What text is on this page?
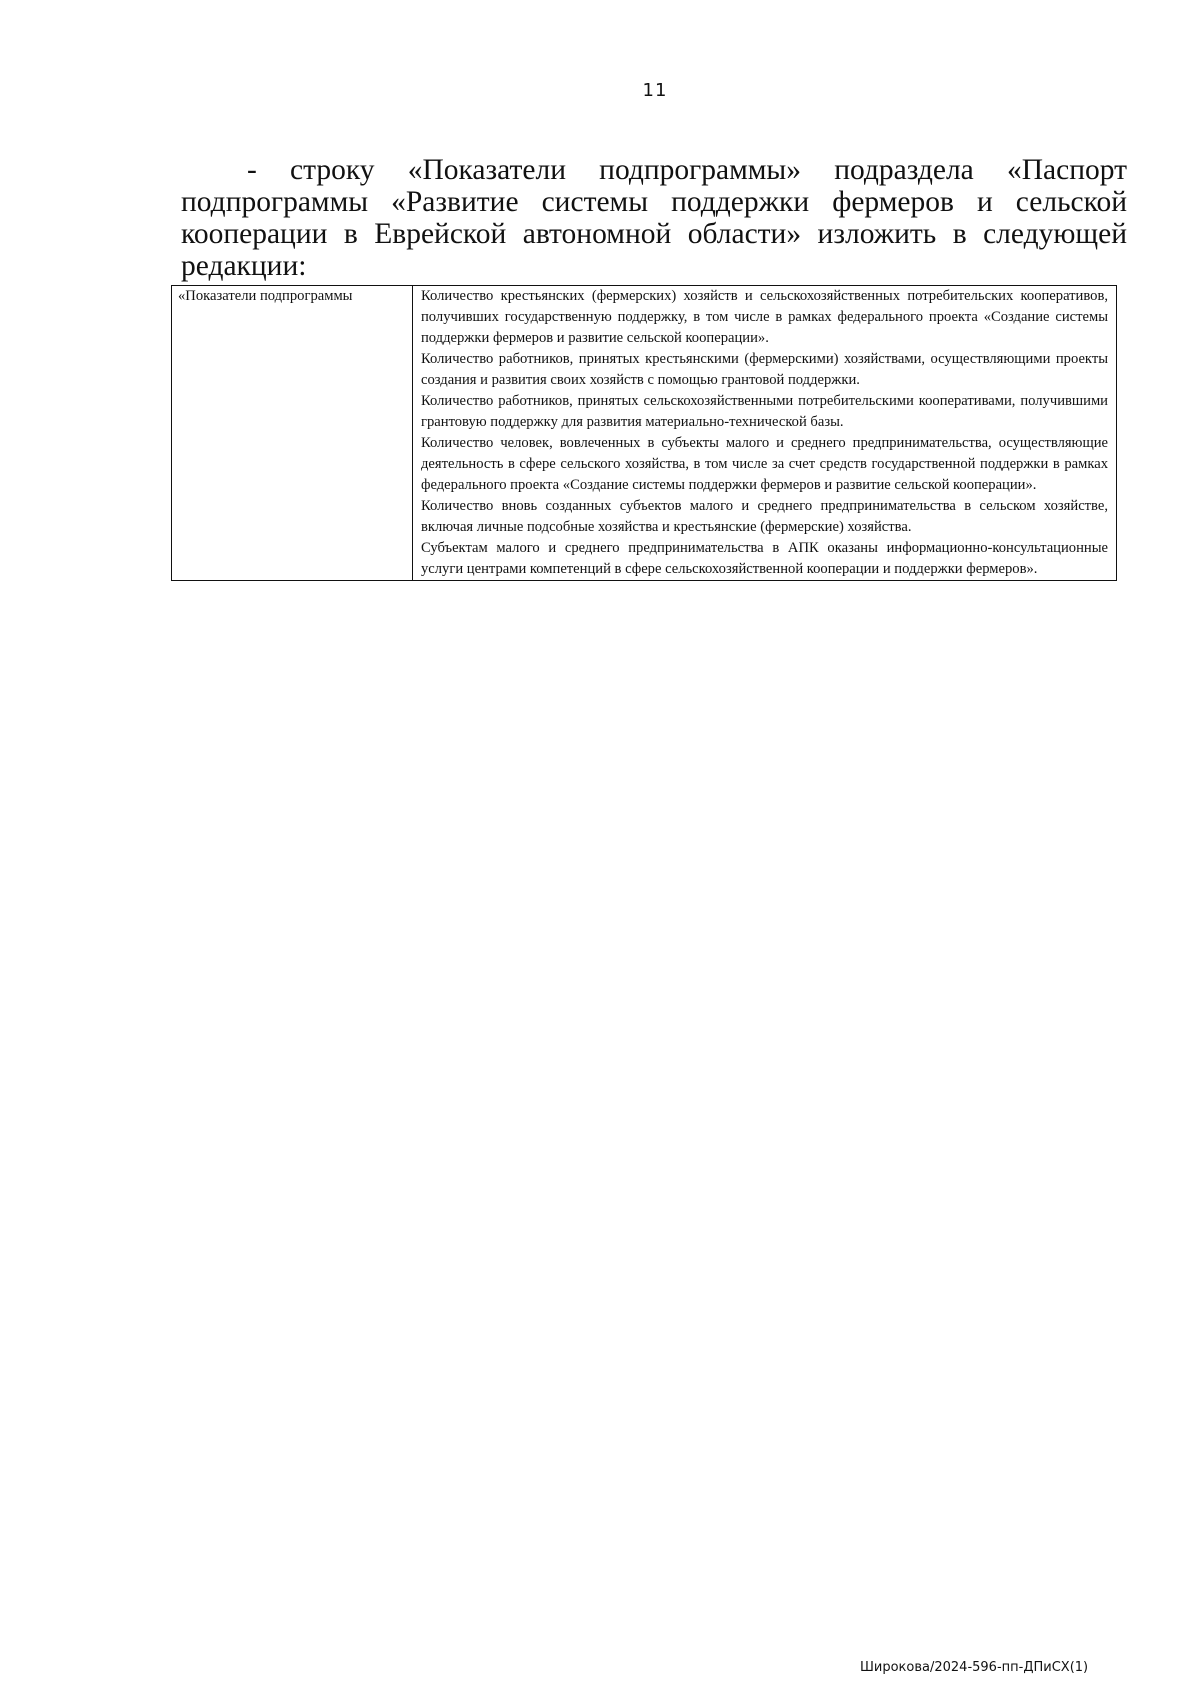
11

- строку «Показатели подпрограммы» подраздела «Паспорт подпрограммы «Развитие системы поддержки фермеров и сельской кооперации в Еврейской автономной области» изложить в следующей редакции:

«Показатели подпрограммы	Количество крестьянских (фермерских) хозяйств и сельскохозяйственных потребительских кооперативов, получивших государственную поддержку, в том числе в рамках федерального проекта «Создание системы поддержки фермеров и развитие сельской кооперации».

Количество работников, принятых крестьянскими (фермерскими) хозяйствами, осуществляющими проекты создания и развития своих хозяйств с помощью грантовой поддержки.

Количество работников, принятых сельскохозяйственными потребительскими кооперативами, получившими грантовую поддержку для развития материально-технической базы.

Количество человек, вовлеченных в субъекты малого и среднего предпринимательства, осуществляющие деятельность в сфере сельского хозяйства, в том числе за счет средств государственной поддержки в рамках федерального проекта «Создание системы поддержки фермеров и развитие сельской кооперации».

Количество вновь созданных субъектов малого и среднего предпринимательства в сельском хозяйстве, включая личные подсобные хозяйства и крестьянские (фермерские) хозяйства.

Субъектам малого и среднего предпринимательства в АПК оказаны информационно-консультационные услуги центрами компетенций в сфере сельскохозяйственной кооперации и поддержки фермеров».

Широкова/2024-596-пп-ДПиСХ(1)
